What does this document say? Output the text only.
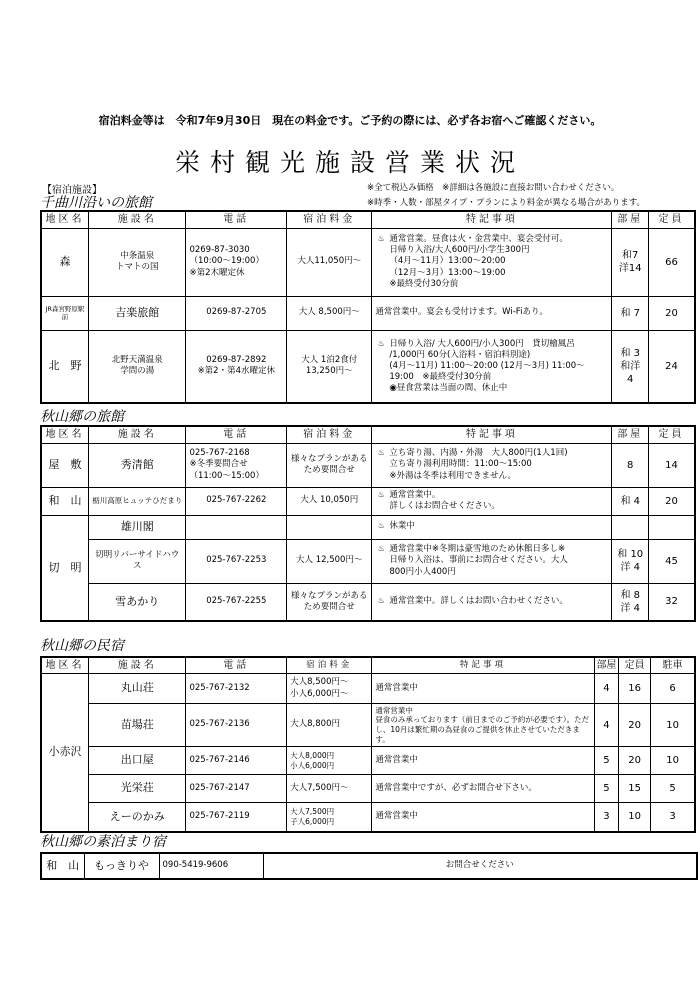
宿泊料金等は　令和7年9月30日　現在の料金です。ご予約の際には、必ず各お宿へご確認ください。
栄村観光施設営業状況
【宿泊施設】	※全て税込み価格　※詳細は各施設に直接お問い合わせください。
※時季・人数・部屋タイプ・プランにより料金が異なる場合があります。
千曲川沿いの旅館
地区名	施設名	電話	宿泊料金	特記事項	部屋	定員
森	中条温泉
トマトの国	0269-87-3030
（10:00～19:00）
※第2木曜定休	大人11,050円～	♨ 通常営業。昼食は火・金営業中、宴会受付可。
日帰り入浴/大人600円/小学生300円
（4月～11月）13:00～20:00
（12月～3月）13:00～19:00
※最終受付30分前	和7
洋14	66
JR森宮野原駅前	吉楽旅館	0269-87-2705	大人 8,500円～	通常営業中。宴会も受付けます。Wi-Fiあり。	和 7	20
北　野	北野天満温泉
学問の湯	0269-87-2892
※第2・第4水曜定休	大人 1泊2食付
13,250円～	♨ 日帰り入浴/ 大人600円/小人300円　貸切檜風呂
/1,000円 60分(入浴料・宿泊料別途)
(4月～11月) 11:00～20:00 (12月～3月) 11:00～
19:00　※最終受付30分前
◉昼食営業は当面の間、休止中	和 3
和洋 4	24
秋山郷の旅館
地区名	施設名	電話	宿泊料金	特記事項	部屋	定員
屋　敷	秀清館	025-767-2168
※冬季要問合せ
（11:00～15:00）	様々なプランがある
ため要問合せ	♨ 立ち寄り湯、内湯・外湯　大人800円(1人1回)
立ち寄り湯利用時間：11:00～15:00
※外湯は冬季は利用できません。	8	14
和　山	栃川高原ヒュッテひだまり	025-767-2262	大人 10,050円	♨ 通常営業中。
詳しくはお問合せください。	和 4	20
切　明	雄川閣			♨ 休業中		
	切明リバーサイドハウス	025-767-2253	大人 12,500円～	♨ 通常営業中※冬期は豪雪地のため休館日多し※
日帰り入浴は、事前にお問合せください。大人
800円小人400円	和 10
洋 4	45
	雪あかり	025-767-2255	様々なプランがある
ため要問合せ	♨ 通常営業中。詳しくはお問い合わせください。	和 8
洋 4	32
秋山郷の民宿
地区名	施設名	電話	宿泊料金	特記事項	部屋	定員	駐車
小赤沢	丸山荘	025-767-2132	大人8,500円～
小人6,000円～	通常営業中	4	16	6
	苗場荘	025-767-2136	大人8,800円	通常営業中
昼食のみ承っております（前日までのご予約が必要です）。ただし、10月は繁忙期の為昼食のご提供を休止させていただきます。	4	20	10
	出口屋	025-767-2146	大人8,000円
小人6,000円	通常営業中	5	20	10
	光栄荘	025-767-2147	大人7,500円～	通常営業中ですが、必ずお問合せ下さい。	5	15	5
	えーのかみ	025-767-2119	大人7,500円
子人6,000円	通常営業中	3	10	3
秋山郷の素泊まり宿
和　山	もっきりや	090-5419-9606	お問合せください
